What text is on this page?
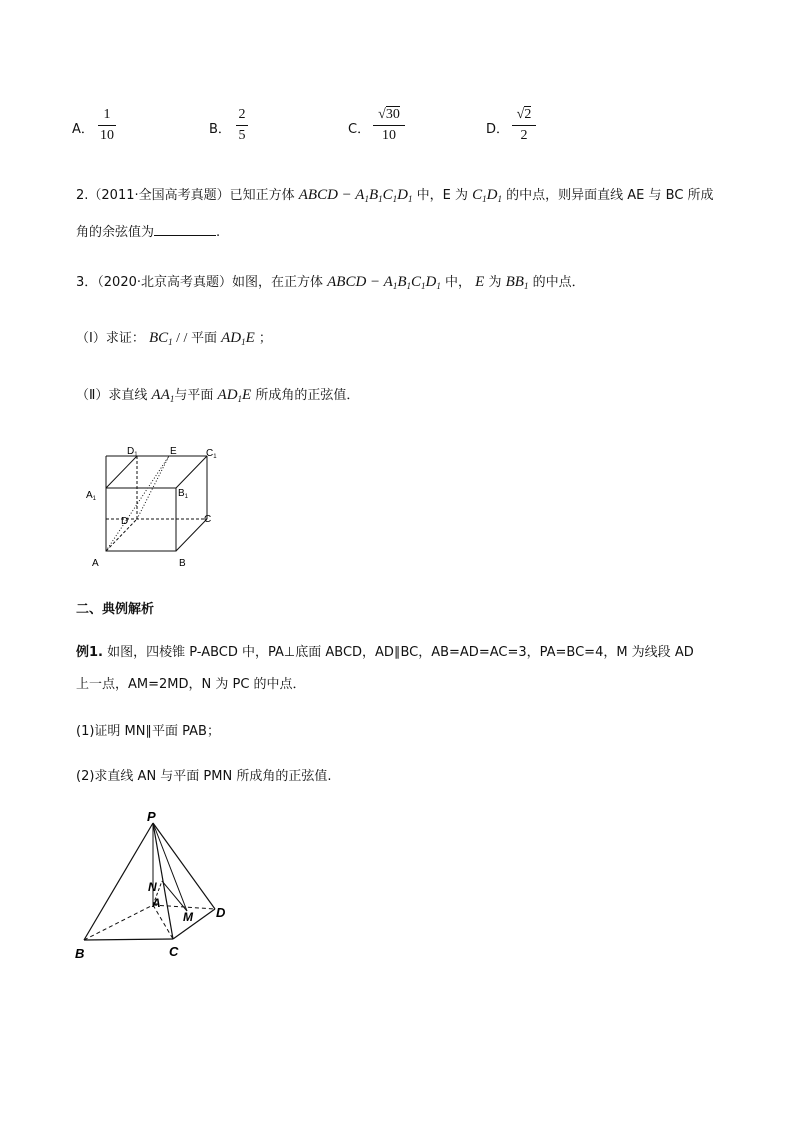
A．
1
10	B．
2
5	C．
√30
10	D．
√2
2
2.（2011·全国高考真题）已知正方体 ABCD − $A_1B_1C_1D_1$ 中，E 为 $C_1D_1$ 的中点，则异面直线 AE 与 BC 所成
角的余弦值为	.
3．（2020·北京高考真题）如图，在正方体 ABCD − $A_1B_1C_1D_1$ 中， E 为 $BB_1$ 的中点．
（Ⅰ）求证： $BC_1$ / / 平面 $AD_1E$ ；
（Ⅱ）求直线 $AA_1$与平面 $AD_1E$ 所成角的正弦值．
$D_1$	E	$C_1$
$A_1$	$B_1$
D	C
A	B
二、典例解析
例1. 如图，四棱锥 P-ABCD 中，PA⊥底面 ABCD，AD∥BC，AB=AD=AC=3，PA=BC=4，M 为线段 AD
上一点，AM=2MD，N 为 PC 的中点．
(1)证明 MN∥平面 PAB；
(2)求直线 AN 与平面 PMN 所成角的正弦值.
P
N
A
M D
B	C
